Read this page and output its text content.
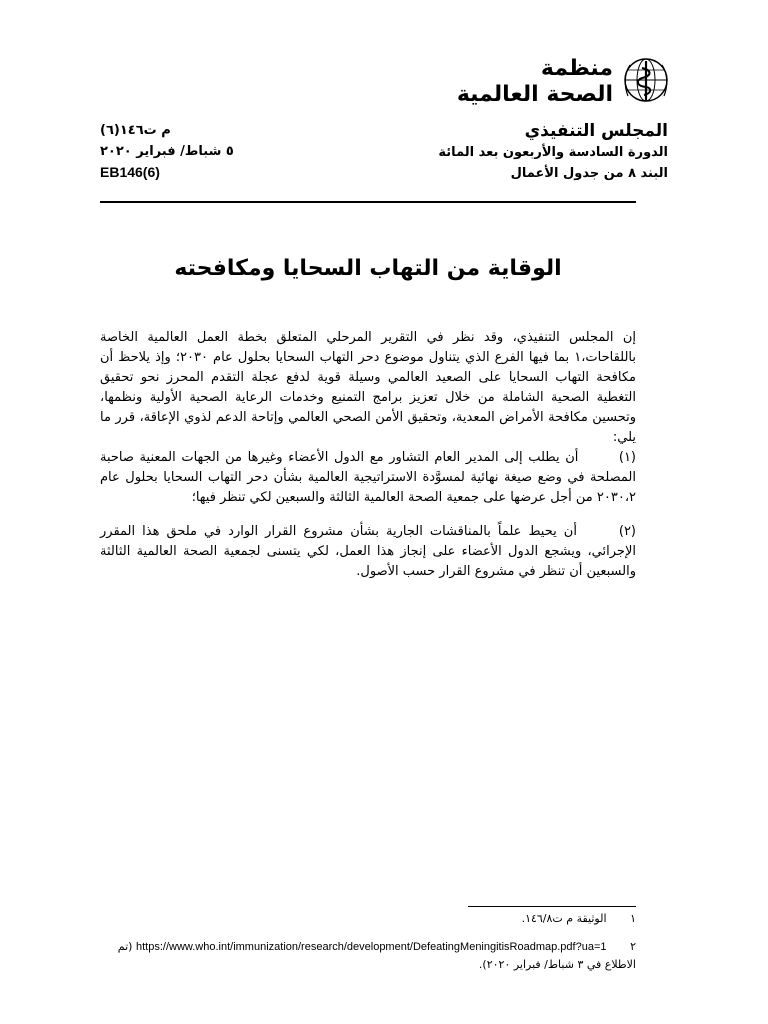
منظمة
الصحة العالمية
المجلس التنفيذي
الدورة السادسة والأربعون بعد المائة
البند ٨ من جدول الأعمال
م ت١٤٦(٦)
٥ شباط/ فبراير ٢٠٢٠
EB146(6)
الوقاية من التهاب السحايا ومكافحته
إن المجلس التنفيذي، وقد نظر في التقرير المرحلي المتعلق بخطة العمل العالمية الخاصة باللقاحات،١ بما فيها الفرع الذي يتناول موضوع دحر التهاب السحايا بحلول عام ٢٠٣٠؛ وإذ يلاحظ أن مكافحة التهاب السحايا على الصعيد العالمي وسيلة قوية لدفع عجلة التقدم المحرز نحو تحقيق التغطية الصحية الشاملة من خلال تعزيز برامج التمنيع وخدمات الرعاية الصحية الأولية ونظمها، وتحسين مكافحة الأمراض المعدية، وتحقيق الأمن الصحي العالمي وإتاحة الدعم لذوي الإعاقة، قرر ما يلي:
(١) أن يطلب إلى المدير العام التشاور مع الدول الأعضاء وغيرها من الجهات المعنية صاحبة المصلحة في وضع صيغة نهائية لمسوَّدة الاستراتيجية العالمية بشأن دحر التهاب السحايا بحلول عام ٢٠٣٠،٢ من أجل عرضها على جمعية الصحة العالمية الثالثة والسبعين لكي تنظر فيها؛
(٢) أن يحيط علماً بالمناقشات الجارية بشأن مشروع القرار الوارد في ملحق هذا المقرر الإجرائي، ويشجع الدول الأعضاء على إنجاز هذا العمل، لكي يتسنى لجمعية الصحة العالمية الثالثة والسبعين أن تنظر في مشروع القرار حسب الأصول.
١ الوثيقة م ت١٤٦/٨.
٢ https://www.who.int/immunization/research/development/DefeatingMeningitisRoadmap.pdf?ua=1 (تم الاطلاع في ٣ شباط/ فبراير ٢٠٢٠).
